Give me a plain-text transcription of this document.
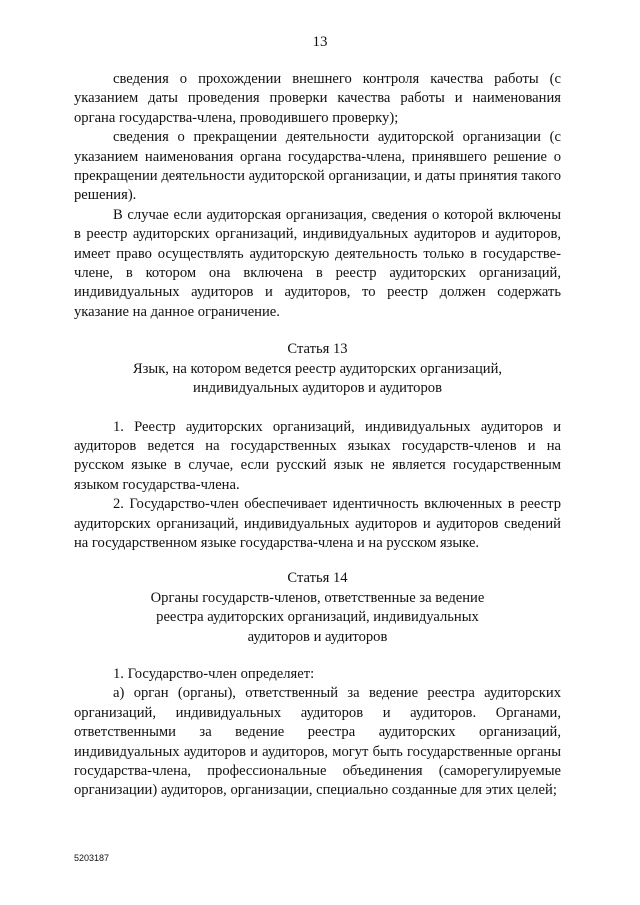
13

сведения о прохождении внешнего контроля качества работы (с указанием даты проведения проверки качества работы и наименования органа государства-члена, проводившего проверку);

сведения о прекращении деятельности аудиторской организации (с указанием наименования органа государства-члена, принявшего решение о прекращении деятельности аудиторской организации, и даты принятия такого решения).

В случае если аудиторская организация, сведения о которой включены в реестр аудиторских организаций, индивидуальных аудиторов и аудиторов, имеет право осуществлять аудиторскую деятельность только в государстве-члене, в котором она включена в реестр аудиторских организаций, индивидуальных аудиторов и аудиторов, то реестр должен содержать указание на данное ограничение.

Статья 13
Язык, на котором ведется реестр аудиторских организаций,
индивидуальных аудиторов и аудиторов

1. Реестр аудиторских организаций, индивидуальных аудиторов и аудиторов ведется на государственных языках государств-членов и на русском языке в случае, если русский язык не является государственным языком государства-члена.

2. Государство-член обеспечивает идентичность включенных в реестр аудиторских организаций, индивидуальных аудиторов и аудиторов сведений на государственном языке государства-члена и на русском языке.

Статья 14
Органы государств-членов, ответственные за ведение
реестра аудиторских организаций, индивидуальных
аудиторов и аудиторов

1. Государство-член определяет:

а) орган (органы), ответственный за ведение реестра аудиторских организаций, индивидуальных аудиторов и аудиторов. Органами, ответственными за ведение реестра аудиторских организаций, индивидуальных аудиторов и аудиторов, могут быть государственные органы государства-члена, профессиональные объединения (саморегулируемые организации) аудиторов, организации, специально созданные для этих целей;

5203187
